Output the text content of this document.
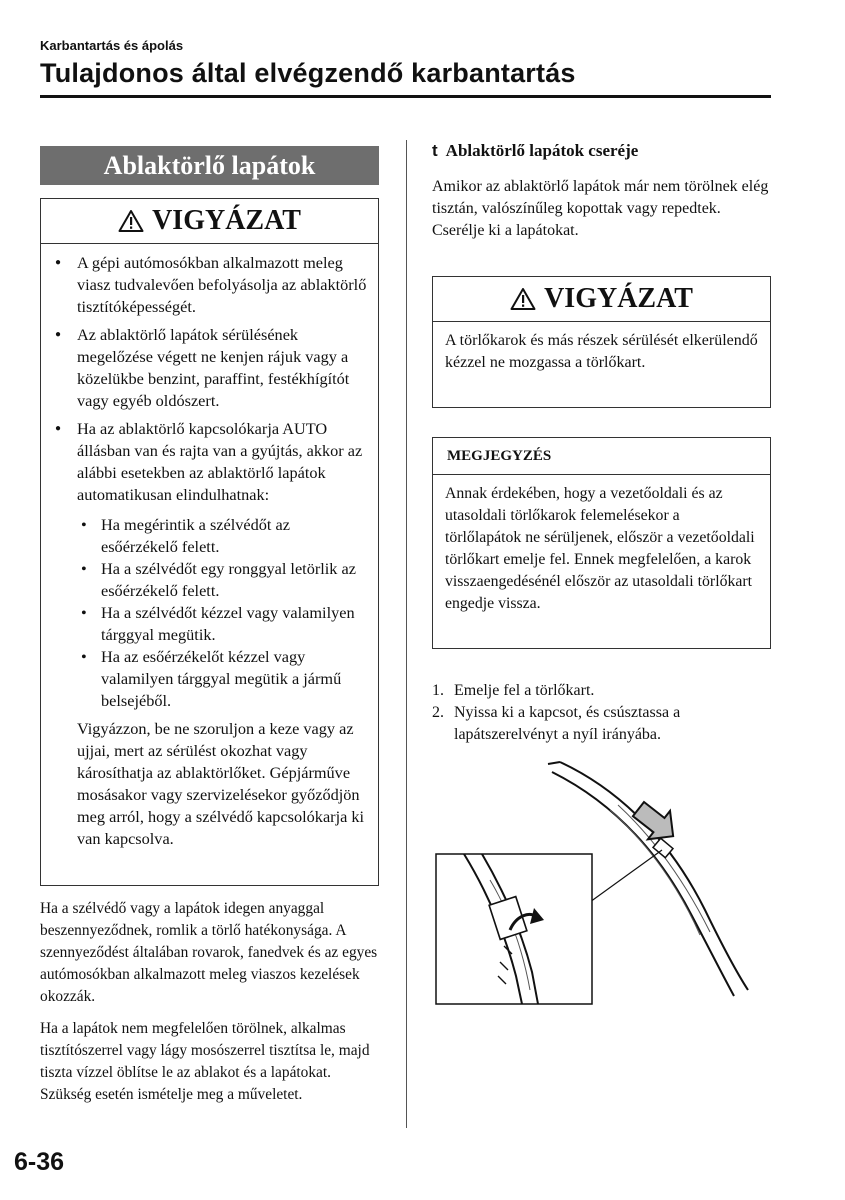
Karbantartás és ápolás
Tulajdonos által elvégzendő karbantartás
Ablaktörlő lapátok
VIGYÁZAT
● A gépi autómosókban alkalmazott meleg viasz tudvalevően befolyásolja az ablaktörlő tisztítóképességét.
● Az ablaktörlő lapátok sérülésének megelőzése végett ne kenjen rájuk vagy a közelükbe benzint, paraffint, festékhígítót vagy egyéb oldószert.
● Ha az ablaktörlő kapcsolókarja AUTO állásban van és rajta van a gyújtás, akkor az alábbi esetekben az ablaktörlő lapátok automatikusan elindulhatnak:
• Ha megérintik a szélvédőt az esőérzékelő felett.
• Ha a szélvédőt egy ronggyal letörlik az esőérzékelő felett.
• Ha a szélvédőt kézzel vagy valamilyen tárggyal megütik.
• Ha az esőérzékelőt kézzel vagy valamilyen tárggyal megütik a jármű belsejéből.
Vigyázzon, be ne szoruljon a keze vagy az ujjai, mert az sérülést okozhat vagy károsíthatja az ablaktörlőket. Gépjárműve mosásakor vagy szervizelésekor győződjön meg arról, hogy a szélvédő kapcsolókarja ki van kapcsolva.
Ha a szélvédő vagy a lapátok idegen anyaggal beszennyeződnek, romlik a törlő hatékonysága. A szennyeződést általában rovarok, fanedvek és az egyes autómosókban alkalmazott meleg viaszos kezelések okozzák.
Ha a lapátok nem megfelelően törölnek, alkalmas tisztítószerrel vagy lágy mosószerrel tisztítsa le, majd tiszta vízzel öblítse le az ablakot és a lapátokat. Szükség esetén ismételje meg a műveletet.
t Ablaktörlő lapátok cseréje
Amikor az ablaktörlő lapátok már nem törölnek elég tisztán, valószínűleg kopottak vagy repedtek.
Cserélje ki a lapátokat.
VIGYÁZAT
A törlőkarok és más részek sérülését elkerülendő kézzel ne mozgassa a törlőkart.
MEGJEGYZÉS
Annak érdekében, hogy a vezetőoldali és az utasoldali törlőkarok felemelésekor a törlőlapátok ne sérüljenek, először a vezetőoldali törlőkart emelje fel. Ennek megfelelően, a karok visszaengedésénél először az utasoldali törlőkart engedje vissza.
1. Emelje fel a törlőkart.
2. Nyissa ki a kapcsot, és csúsztassa a lapátszerelvényt a nyíl irányába.
6-36
